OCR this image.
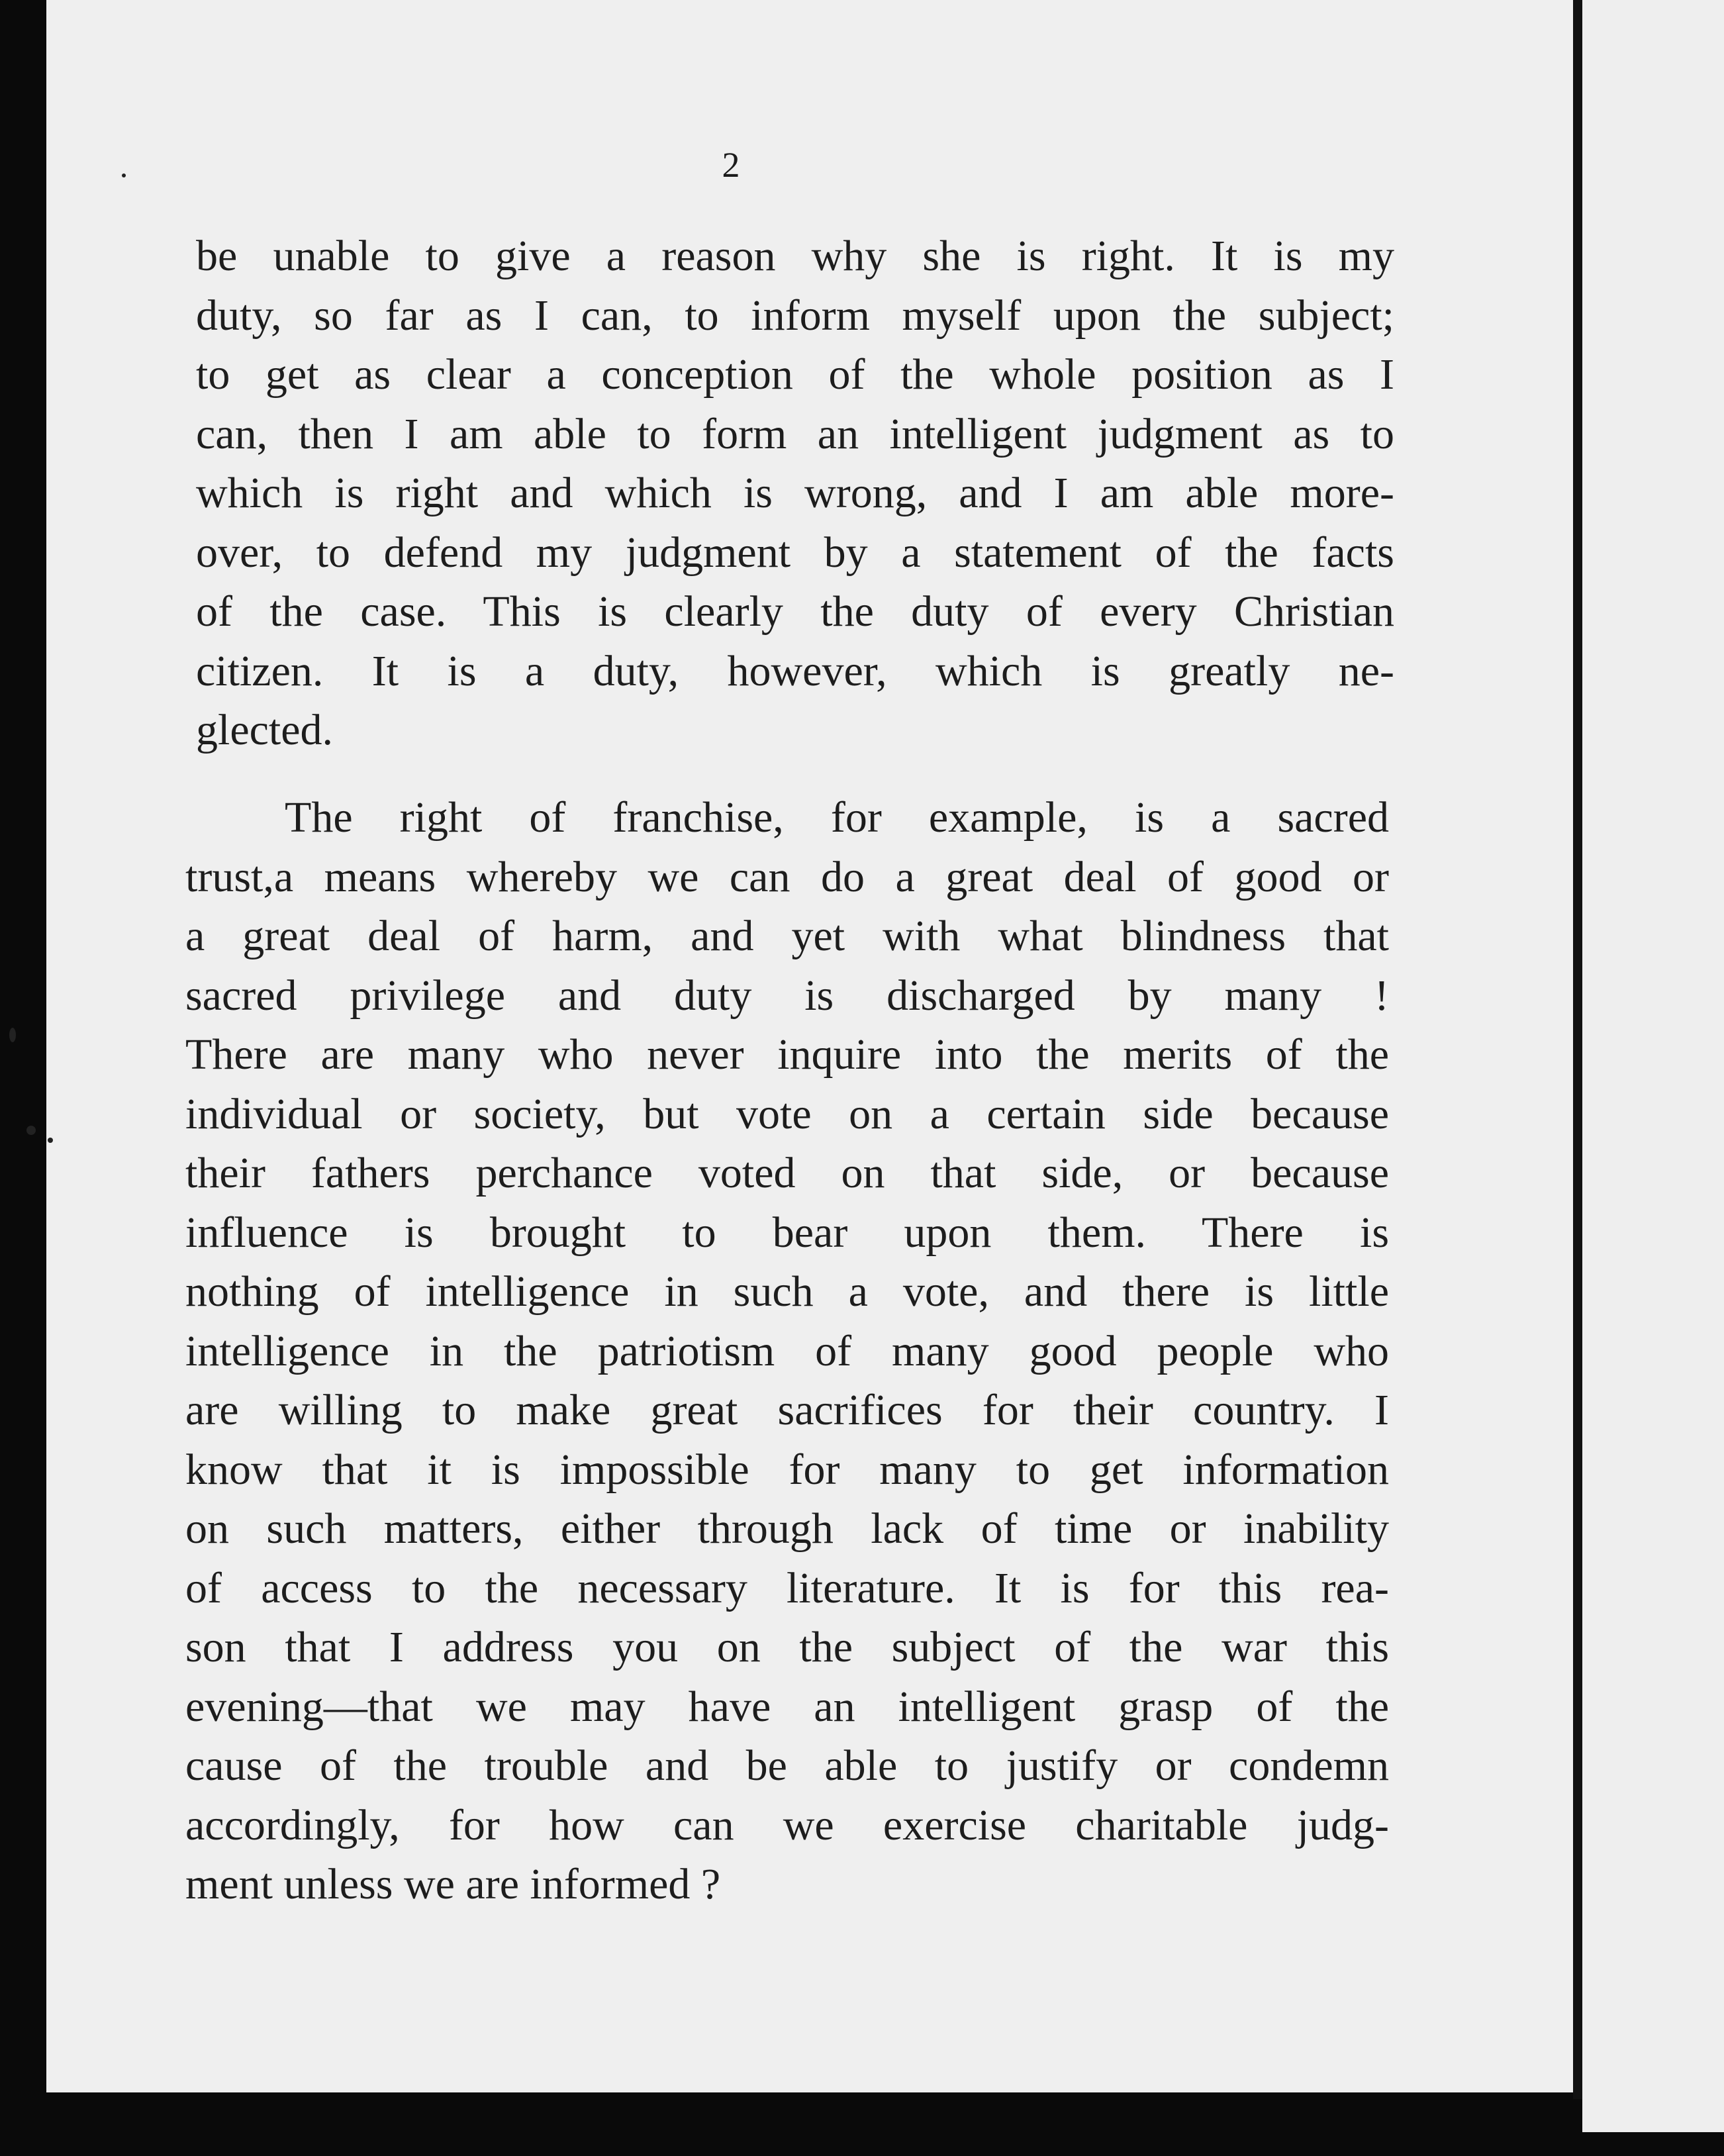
2
be unable to give a reason why she is right. It is my
duty, so far as I can, to inform myself upon the subject;
to get as clear a conception of the whole position as I
can, then I am able to form an intelligent judgment as to
which is right and which is wrong, and I am able more-
over, to defend my judgment by a statement of the facts
of the case. This is clearly the duty of every Christian
citizen. It is a duty, however, which is greatly ne-
glected.
The right of franchise, for example, is a sacred
trust,a means whereby we can do a great deal of good or
a great deal of harm, and yet with what blindness that
sacred privilege and duty is discharged by many !
There are many who never inquire into the merits of the
individual or society, but vote on a certain side because
their fathers perchance voted on that side, or because
influence is brought to bear upon them. There is
nothing of intelligence in such a vote, and there is little
intelligence in the patriotism of many good people who
are willing to make great sacrifices for their country. I
know that it is impossible for many to get information
on such matters, either through lack of time or inability
of access to the necessary literature. It is for this rea-
son that I address you on the subject of the war this
evening—that we may have an intelligent grasp of the
cause of the trouble and be able to justify or condemn
accordingly, for how can we exercise charitable judg-
ment unless we are informed ?
